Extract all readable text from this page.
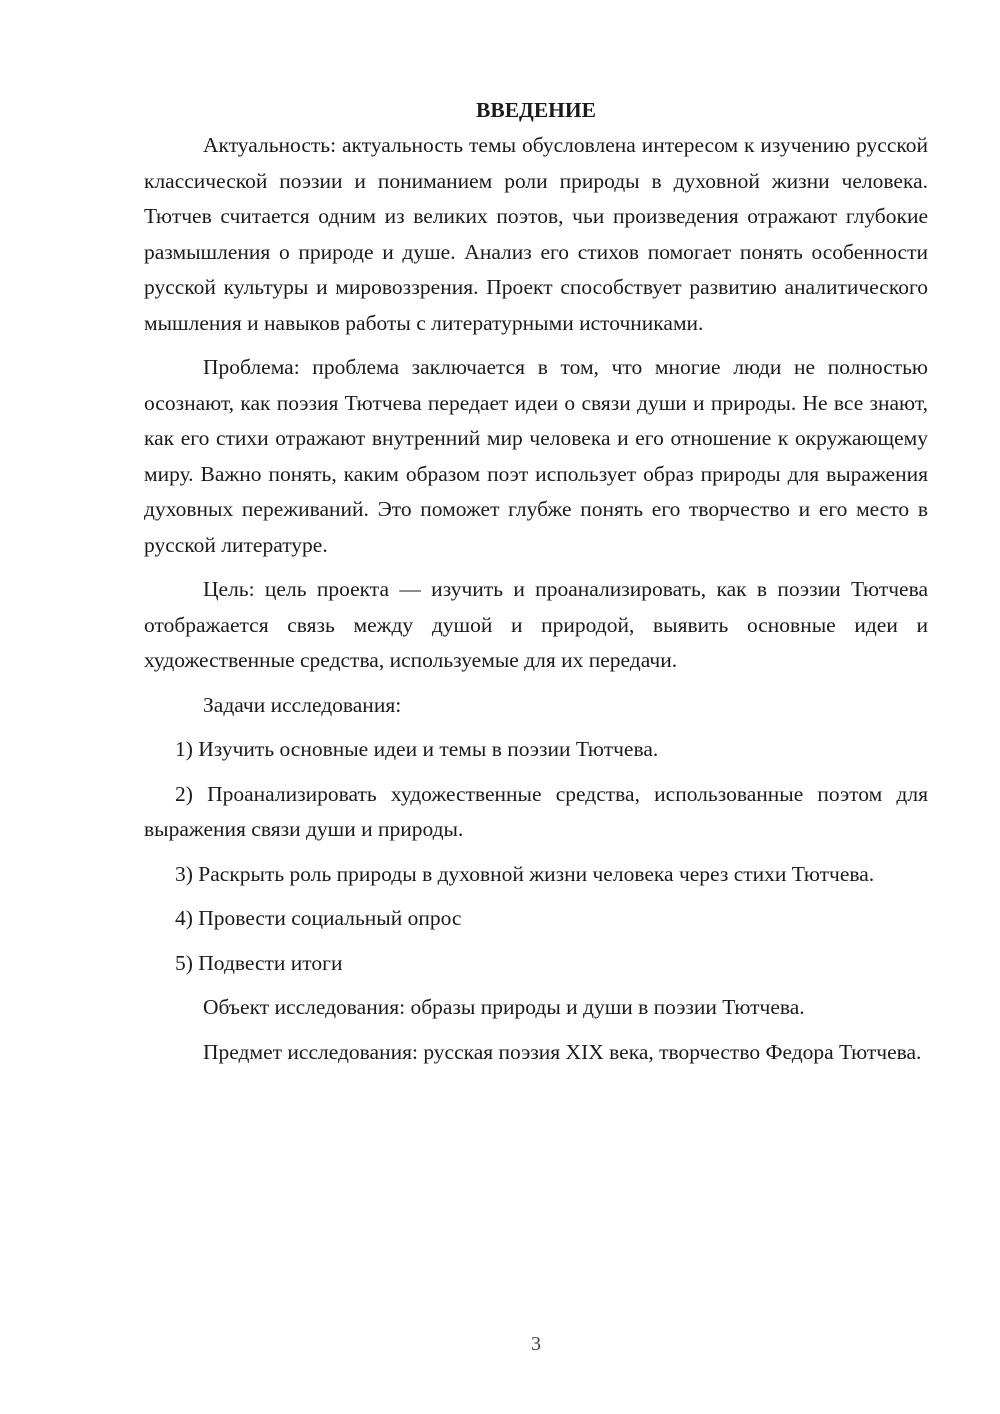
ВВЕДЕНИЕ

Актуальность: актуальность темы обусловлена интересом к изучению русской классической поэзии и пониманием роли природы в духовной жизни человека. Тютчев считается одним из великих поэтов, чьи произведения отражают глубокие размышления о природе и душе. Анализ его стихов помогает понять особенности русской культуры и мировоззрения. Проект способствует развитию аналитического мышления и навыков работы с литературными источниками.

Проблема: проблема заключается в том, что многие люди не полностью осознают, как поэзия Тютчева передает идеи о связи души и природы. Не все знают, как его стихи отражают внутренний мир человека и его отношение к окружающему миру. Важно понять, каким образом поэт использует образ природы для выражения духовных переживаний. Это поможет глубже понять его творчество и его место в русской литературе.

Цель: цель проекта — изучить и проанализировать, как в поэзии Тютчева отображается связь между душой и природой, выявить основные идеи и художественные средства, используемые для их передачи.

Задачи исследования:

1) Изучить основные идеи и темы в поэзии Тютчева.

2) Проанализировать художественные средства, использованные поэтом для выражения связи души и природы.

3) Раскрыть роль природы в духовной жизни человека через стихи Тютчева.

4) Провести социальный опрос

5) Подвести итоги

Объект исследования: образы природы и души в поэзии Тютчева.

Предмет исследования: русская поэзия XIX века, творчество Федора Тютчева.

3
